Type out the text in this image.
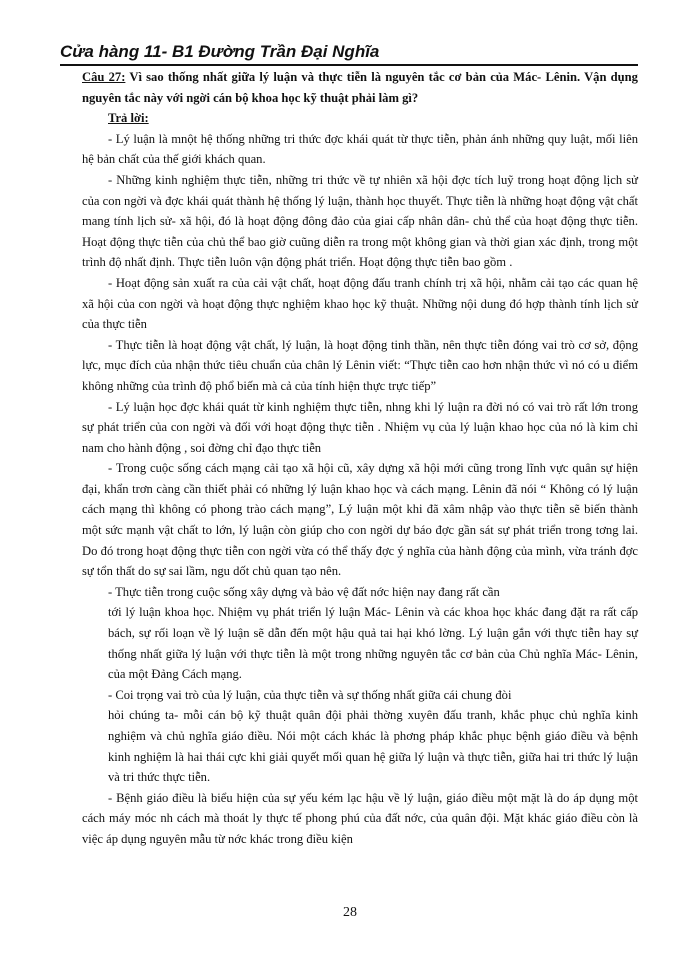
Cửa hàng 11- B1 Đường Trần Đại Nghĩa

Câu 27: Vì sao thống nhất giữa lý luận và thực tiễn là nguyên tắc cơ bản của Mác- Lênin. Vận dụng nguyên tắc này với ngời cán bộ khoa học kỹ thuật phải làm gì?

Trả lời:

- Lý luận là mnột hệ thống những tri thức đợc khái quát từ thực tiễn, phản ánh những quy luật, mối liên hệ bản chất của thế giới khách quan.

- Những kinh nghiệm thực tiễn, những tri thức về tự nhiên xã hội đợc tích luỹ trong hoạt động lịch sử của con ngời và đợc khái quát thành hệ thống lý luận, thành học thuyết. Thực tiễn là những hoạt động vật chất mang tính lịch sử- xã hội, đó là hoạt động đông đảo của giai cấp nhân dân- chủ thể của hoạt động thực tiễn. Hoạt động thực tiễn của chủ thể bao giờ cuũng diễn ra trong một không gian và thời gian xác định, trong một trình độ nhất định. Thực tiễn luôn vận động phát triển. Hoạt động thực tiễn bao gồm .

- Hoạt động sản xuất ra của cải vật chất, hoạt động đấu tranh chính trị xã hội, nhằm cải tạo các quan hệ xã hội của con ngời và hoạt động thực nghiệm khao học kỹ thuật. Những nội dung đó hợp thành tính lịch sử của thực tiễn

- Thực tiễn là hoạt động vật chất, lý luận, là hoạt động tinh thần, nên thực tiễn đóng vai trò cơ sở, động lực, mục đích của nhận thức tiêu chuẩn của chân lý Lênin viết: “Thực tiễn cao hơn nhận thức vì nó có u điểm không những của trình độ phổ biến mà cả của tính hiện thực trực tiếp”

- Lý luận học đợc khái quát từ kinh nghiệm thực tiễn, nhng khi lý luận ra đời nó có vai trò rất lớn trong sự phát triển của con ngời và đối với hoạt động thực tiễn . Nhiệm vụ của lý luận khao học của nó là kim chỉ nam cho hành động , soi đờng chỉ đạo thực tiễn

- Trong cuộc sống cách mạng cải tạo xã hội cũ, xây dựng xã hội mới cũng trong lĩnh vực quân sự hiện đại, khẩn trơn càng cần thiết phải có những lý luận khao học và cách mạng. Lênin đã nói “ Không có lý luận cách mạng thì không có phong trào cách mạng”, Lý luận một khi đã xâm nhập vào thực tiễn sẽ biến thành một sức mạnh vật chất to lớn, lý luận còn giúp cho con ngời dự báo đợc gần sát sự phát triển trong tơng lai. Do đó trong hoạt động thực tiễn con ngời vừa có thể thấy đợc ý nghĩa của hành động của mình, vừa tránh đợc sự tổn thất do sự sai lầm, ngu dốt chủ quan tạo nên.

- Thực tiễn trong cuộc sống xây dựng và bảo vệ đất nớc hiện nay đang rất cần

tới lý luận khoa học. Nhiệm vụ phát triển lý luận Mác- Lênin và các khoa học khác đang đặt ra rất cấp bách, sự rối loạn về lý luận sẽ dẫn đến một hậu quả tai hại khó lờng. Lý luận gắn với thực tiễn hay sự thống nhất giữa lý luận với thực tiễn là một trong những nguyên tắc cơ bản của Chủ nghĩa Mác- Lênin, của một Đảng Cách mạng.

- Coi trọng vai trò của lý luận, của thực tiễn và sự thống nhất giữa cái chung đòi

hỏi chúng ta- mỗi cán bộ kỹ thuật quân đội phải thờng xuyên đấu tranh, khắc phục chủ nghĩa kinh nghiệm và chủ nghĩa giáo điều. Nói một cách khác là phơng pháp khắc phục bệnh giáo điều và bệnh kinh nghiệm là hai thái cực khi giải quyết mối quan hệ giữa lý luận và thực tiễn, giữa hai tri thức lý luận và tri thức thực tiễn.

- Bệnh giáo điều là biểu hiện của sự yếu kém lạc hậu về lý luận, giáo điều một mặt là do áp dụng một cách máy móc nh cách mà thoát ly thực tế phong phú của đất nớc, của quân đội. Mặt khác giáo điều còn là việc áp dụng nguyên mẫu từ nớc khác trong điều kiện

28
